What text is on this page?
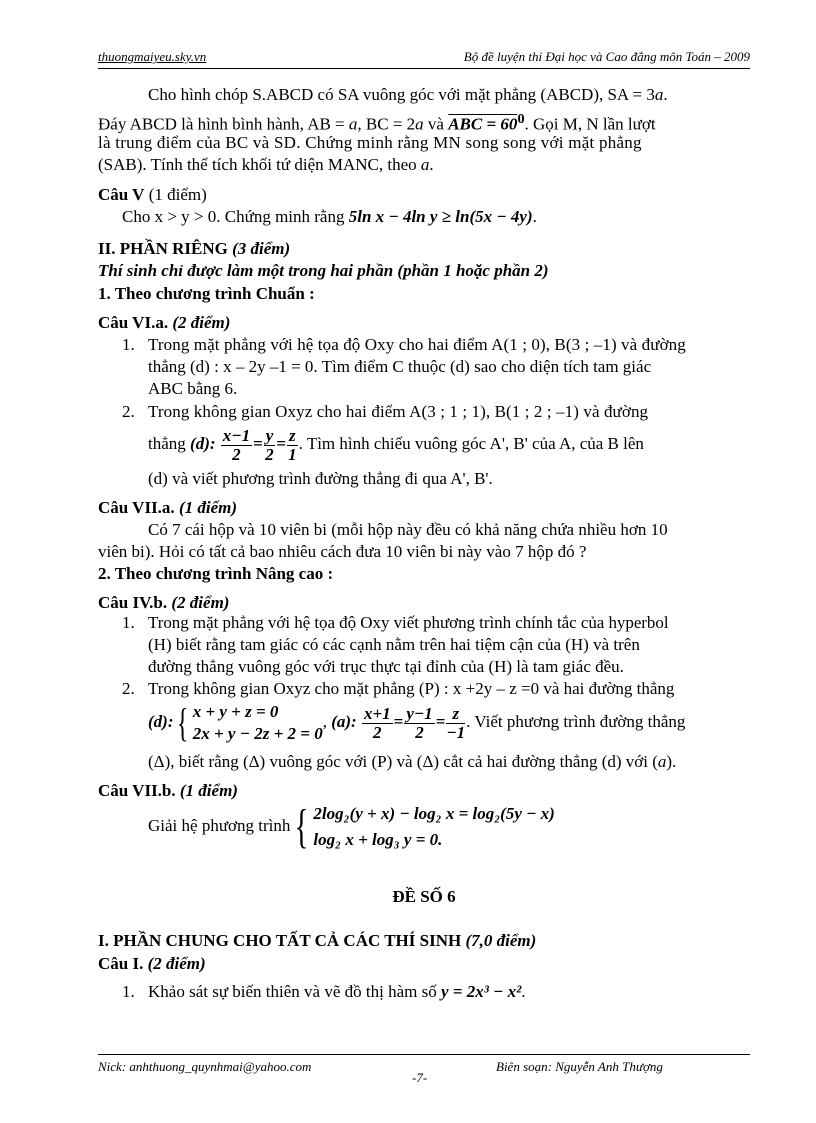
thuongmaiyeu.sky.vn	Bộ đề luyện thi Đại học và Cao đẳng môn Toán – 2009
Cho hình chóp S.ABCD có SA vuông góc với mặt phẳng (ABCD), SA = 3a.
Đáy ABCD là hình bình hành, AB = a, BC = 2a và ABC = $60^0$. Gọi M, N lần lượt
là trung điểm của BC và SD. Chứng minh rằng MN song song với mặt phẳng
(SAB). Tính thể tích khối tứ diện MANC, theo a.
Câu V (1 điểm)
Cho x > y > 0. Chứng minh rằng 5ln x − 4ln y ≥ ln(5x − 4y).
II. PHẦN RIÊNG (3 điểm)
Thí sinh chỉ được làm một trong hai phần (phần 1 hoặc phần 2)
1. Theo chương trình Chuẩn :
Câu VI.a. (2 điểm)
1. Trong mặt phẳng với hệ tọa độ Oxy cho hai điểm A(1 ; 0), B(3 ; –1) và đường
thẳng (d) : x – 2y –1 = 0. Tìm điểm C thuộc (d) sao cho diện tích tam giác
ABC bằng 6.
2. Trong không gian Oxyz cho hai điểm A(3 ; 1 ; 1), B(1 ; 2 ; –1) và đường
thẳng (d): $\frac{x-1}{2} = \frac{y}{2} = \frac{z}{1}$ . Tìm hình chiếu vuông góc A', B' của A, của B lên
(d) và viết phương trình đường thẳng đi qua A', B'.
Câu VII.a. (1 điểm)
Có 7 cái hộp và 10 viên bi (mỗi hộp này đều có khả năng chứa nhiều hơn 10
viên bi). Hỏi có tất cả bao nhiêu cách đưa 10 viên bi này vào 7 hộp đó ?
2. Theo chương trình Nâng cao :
Câu IV.b. (2 điểm)
1. Trong mặt phẳng với hệ tọa độ Oxy viết phương trình chính tắc của hyperbol
(H) biết rằng tam giác có các cạnh nằm trên hai tiệm cận của (H) và trên
đường thẳng vuông góc với trục thực tại đỉnh của (H) là tam giác đều.
2. Trong không gian Oxyz cho mặt phẳng (P) : x +2y – z =0 và hai đường thẳng
(d):{ x + y + z = 0
2x + y − 2z + 2 = 0
, (a): $\frac{x+1}{2} = \frac{y-1}{2} = \frac{z}{-1}$ . Viết phương trình đường thẳng
(Δ), biết rằng (Δ) vuông góc với (P) và (Δ) cắt cả hai đường thẳng (d) với (a).
Câu VII.b. (1 điểm)
Giải hệ phương trình{ 2log₂(y + x) − log₂ x = log₂(5y − x)
log₂ x + log₃ y = 0.
ĐỀ SỐ 6
I. PHẦN CHUNG CHO TẤT CẢ CÁC THÍ SINH (7,0 điểm)
Câu I. (2 điểm)
1. Khảo sát sự biến thiên và vẽ đồ thị hàm số y = 2x³ − x².
Nick: anhthuong_quynhmai@yahoo.com
-7-
Biên soạn: Nguyễn Anh Thượng
